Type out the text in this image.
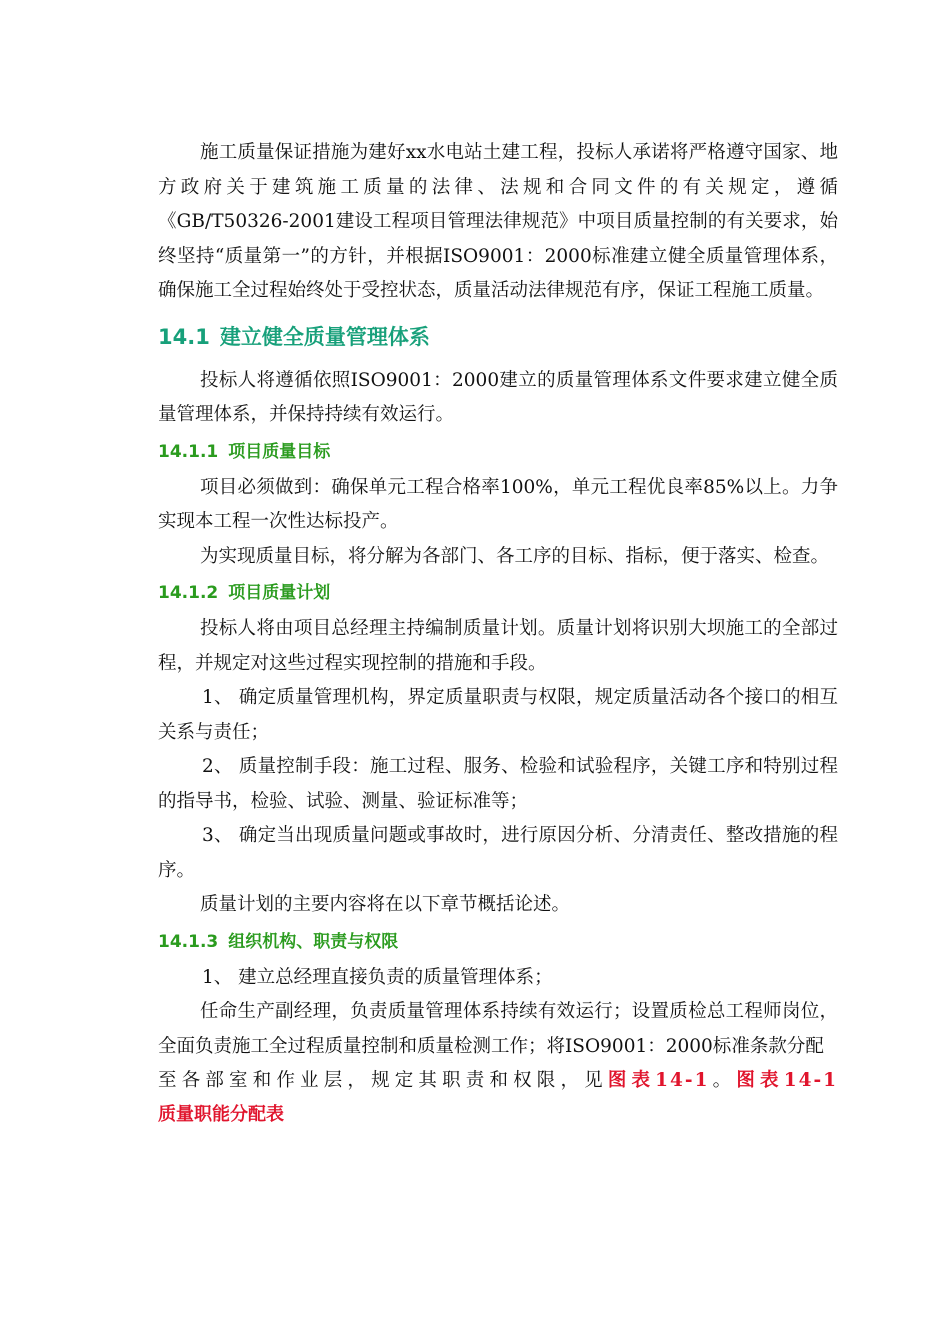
施工质量保证措施为建好xx水电站土建工程，投标人承诺将严格遵守国家、地方政府关于建筑施工质量的法律、法规和合同文件的有关规定，遵循《GB/T50326-2001建设工程项目管理法律规范》中项目质量控制的有关要求，始终坚持“质量第一”的方针，并根据ISO9001：2000标准建立健全质量管理体系，确保施工全过程始终处于受控状态，质量活动法律规范有序，保证工程施工质量。

14.1 建立健全质量管理体系

投标人将遵循依照ISO9001：2000建立的质量管理体系文件要求建立健全质量管理体系，并保持持续有效运行。

14.1.1 项目质量目标

项目必须做到：确保单元工程合格率100%，单元工程优良率85%以上。力争实现本工程一次性达标投产。

为实现质量目标，将分解为各部门、各工序的目标、指标，便于落实、检查。

14.1.2 项目质量计划

投标人将由项目总经理主持编制质量计划。质量计划将识别大坝施工的全部过程，并规定对这些过程实现控制的措施和手段。

1、 确定质量管理机构，界定质量职责与权限，规定质量活动各个接口的相互关系与责任；

2、 质量控制手段：施工过程、服务、检验和试验程序，关键工序和特别过程的指导书，检验、试验、测量、验证标准等；

3、 确定当出现质量问题或事故时，进行原因分析、分清责任、整改措施的程序。

质量计划的主要内容将在以下章节概括论述。

14.1.3 组织机构、职责与权限

1、 建立总经理直接负责的质量管理体系；

任命生产副经理，负责质量管理体系持续有效运行；设置质检总工程师岗位，全面负责施工全过程质量控制和质量检测工作；将ISO9001：2000标准条款分配

至各部室和作业层，规定其职责和权限，见图表14-1。图表14-1

质量职能分配表
